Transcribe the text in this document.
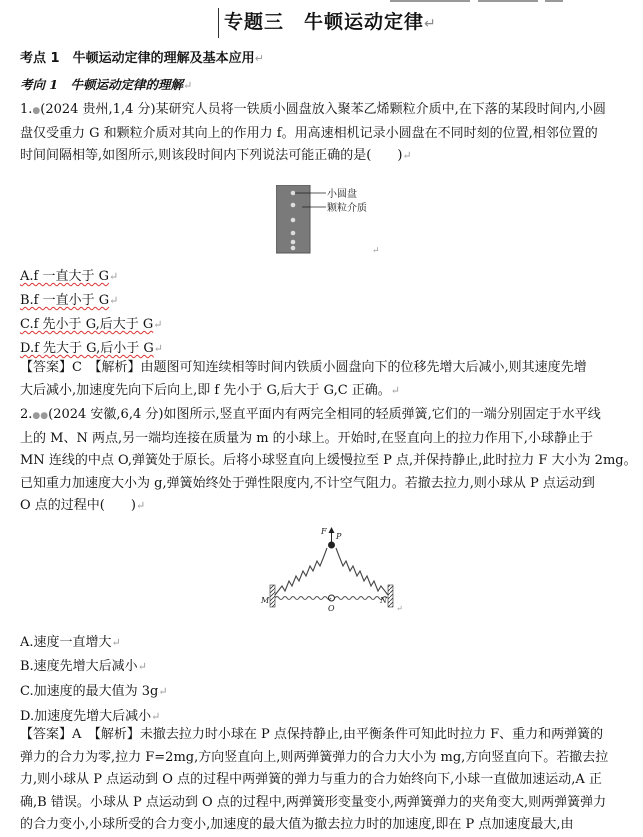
专题三　牛顿运动定律↵
考点 1　牛顿运动定律的理解及基本应用↵
考向 1　牛顿运动定律的理解↵
1.●(2024 贵州,1,4 分)某研究人员将一铁质小圆盘放入聚苯乙烯颗粒介质中,在下落的某段时间内,小圆
盘仅受重力 G 和颗粒介质对其向上的作用力 f。用高速相机记录小圆盘在不同时刻的位置,相邻位置的
时间间隔相等,如图所示,则该段时间内下列说法可能正确的是(　　)↵
小圆盘
颗粒介质
↵
A.f 一直大于 G↵
B.f 一直小于 G↵
C.f 先小于 G,后大于 G↵
D.f 先大于 G,后小于 G↵
【答案】C　【解析】由题图可知连续相等时间内铁质小圆盘向下的位移先增大后减小,则其速度先增
大后减小,加速度先向下后向上,即 f 先小于 G,后大于 G,C 正确。↵
2.●●(2024 安徽,6,4 分)如图所示,竖直平面内有两完全相同的轻质弹簧,它们的一端分别固定于水平线
上的 M、N 两点,另一端均连接在质量为 m 的小球上。开始时,在竖直向上的拉力作用下,小球静止于
MN 连线的中点 O,弹簧处于原长。后将小球竖直向上缓慢拉至 P 点,并保持静止,此时拉力 F 大小为 2mg。
已知重力加速度大小为 g,弹簧始终处于弹性限度内,不计空气阻力。若撤去拉力,则小球从 P 点运动到
O 点的过程中(　　)↵
F
P
M
O
N
↵
A.速度一直增大↵
B.速度先增大后减小↵
C.加速度的最大值为 3g↵
D.加速度先增大后减小↵
【答案】A　【解析】未撤去拉力时小球在 P 点保持静止,由平衡条件可知此时拉力 F、重力和两弹簧的
弹力的合力为零,拉力 F=2mg,方向竖直向上,则两弹簧弹力的合力大小为 mg,方向竖直向下。若撤去拉
力,则小球从 P 点运动到 O 点的过程中两弹簧的弹力与重力的合力始终向下,小球一直做加速运动,A 正
确,B 错误。小球从 P 点运动到 O 点的过程中,两弹簧形变量变小,两弹簧弹力的夹角变大,则两弹簧弹力
的合力变小,小球所受的合力变小,加速度的最大值为撤去拉力时的加速度,即在 P 点加速度最大,由
